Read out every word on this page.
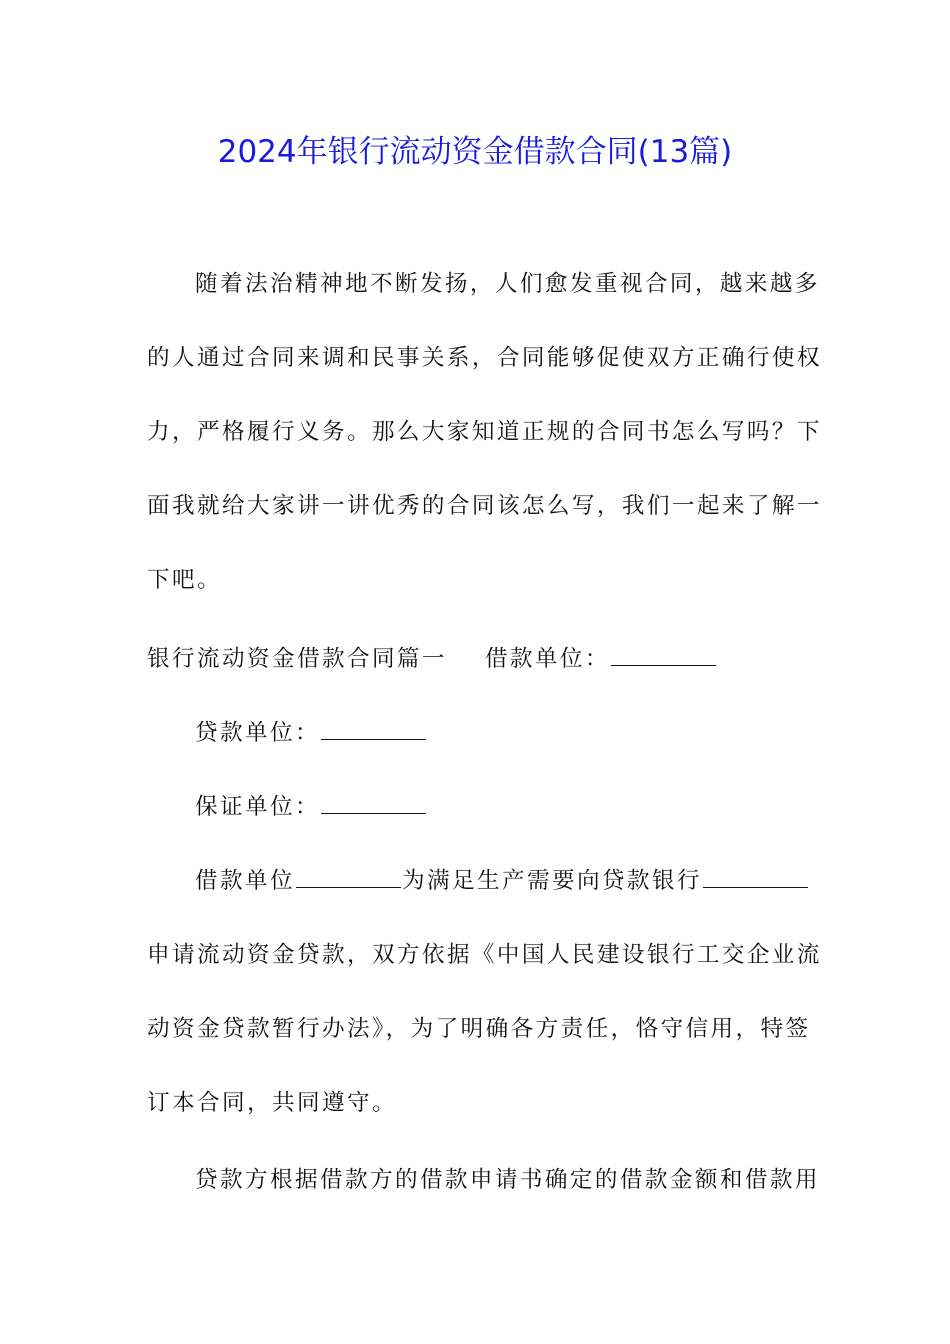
2024年银行流动资金借款合同(13篇)
随着法治精神地不断发扬，人们愈发重视合同，越来越多
的人通过合同来调和民事关系，合同能够促使双方正确行使权
力，严格履行义务。那么大家知道正规的合同书怎么写吗？下
面我就给大家讲一讲优秀的合同该怎么写，我们一起来了解一
下吧。
银行流动资金借款合同篇一 借款单位：
贷款单位：
保证单位：
借款单位	为满足生产需要向贷款银行
申请流动资金贷款，双方依据《中国人民建设银行工交企业流
动资金贷款暂行办法》，为了明确各方责任，恪守信用，特签
订本合同，共同遵守。
贷款方根据借款方的借款申请书确定的借款金额和借款用
